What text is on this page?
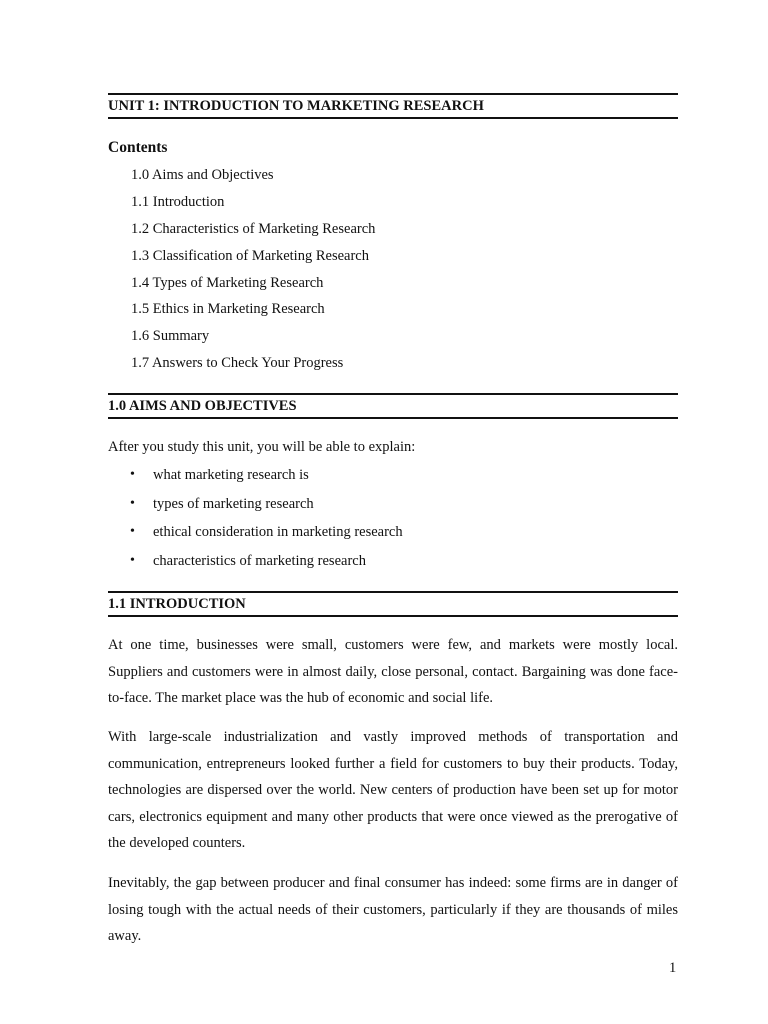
UNIT 1: INTRODUCTION TO MARKETING RESEARCH
Contents
1.0 Aims and Objectives
1.1 Introduction
1.2 Characteristics of Marketing Research
1.3 Classification of Marketing Research
1.4 Types of Marketing Research
1.5 Ethics in Marketing Research
1.6 Summary
1.7 Answers to Check Your Progress
1.0 AIMS AND OBJECTIVES
After you study this unit, you will be able to explain:
• what marketing research is
• types of marketing research
• ethical consideration in marketing research
• characteristics of marketing research
1.1 INTRODUCTION
At one time, businesses were small, customers were few, and markets were mostly local. Suppliers and customers were in almost daily, close personal, contact. Bargaining was done face-to-face. The market place was the hub of economic and social life.
With large-scale industrialization and vastly improved methods of transportation and communication, entrepreneurs looked further a field for customers to buy their products. Today, technologies are dispersed over the world. New centers of production have been set up for motor cars, electronics equipment and many other products that were once viewed as the prerogative of the developed counters.
Inevitably, the gap between producer and final consumer has indeed: some firms are in danger of losing tough with the actual needs of their customers, particularly if they are thousands of miles away.
1
